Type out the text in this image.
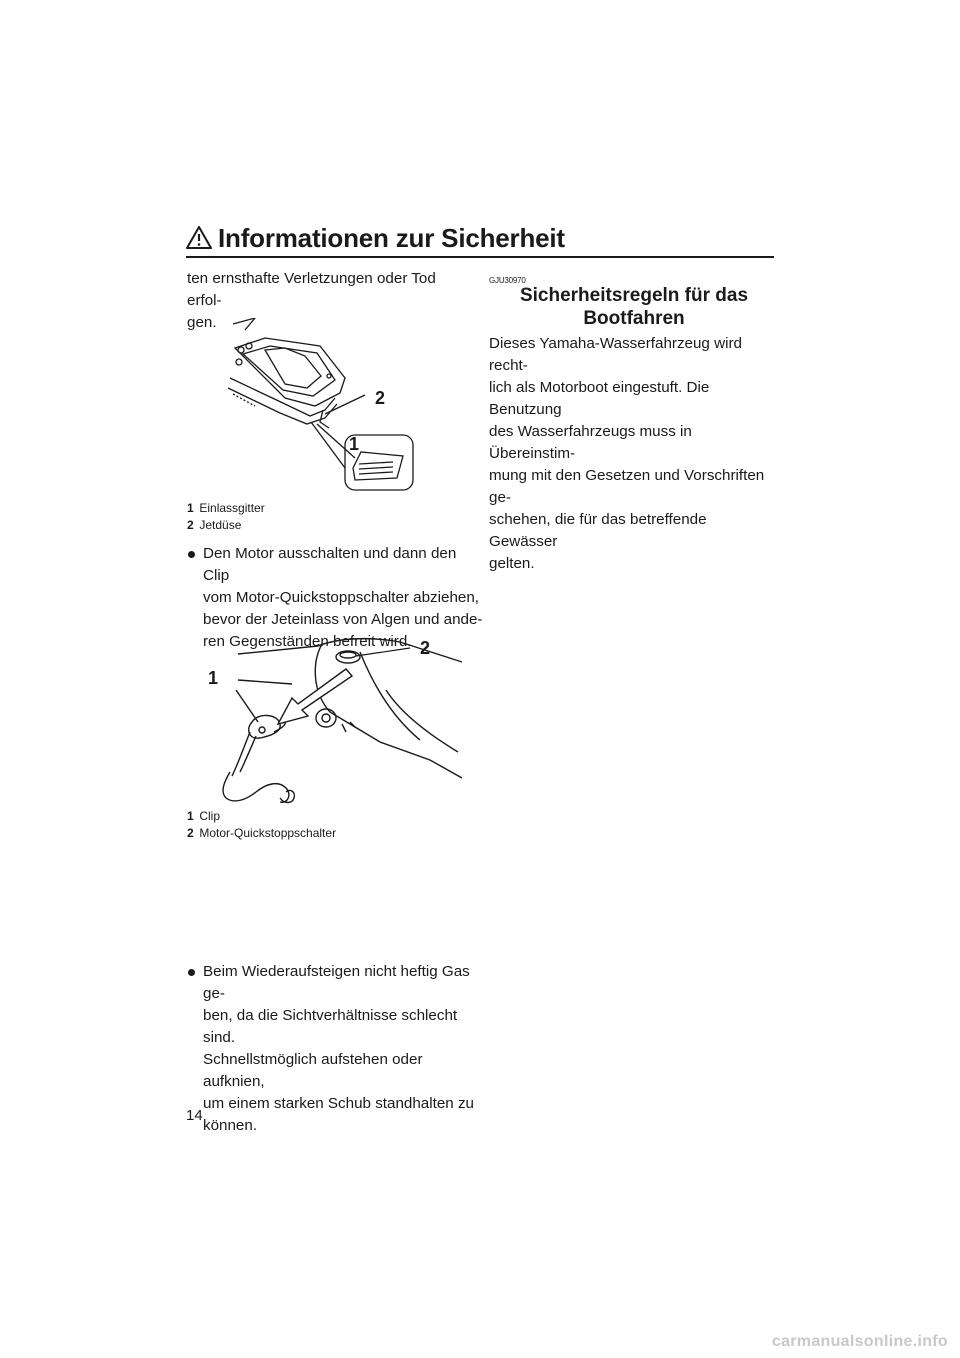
Informationen zur Sicherheit

ten ernsthafte Verletzungen oder Tod erfol-

gen.

2
1
1 Einlassgitter
2 Jetdüse

Den Motor ausschalten und dann den Clip

vom Motor-Quickstoppschalter abziehen,

bevor der Jeteinlass von Algen und ande-

ren Gegenständen befreit wird. 2
1
1 Clip
2 Motor-Quickstoppschalter

Beim Wiederaufsteigen nicht heftig Gas ge-

ben, da die Sichtverhältnisse schlecht sind.

Schnellstmöglich aufstehen oder aufknien,

um einem starken Schub standhalten zu

können.

GJU30970
Sicherheitsregeln für das
Bootfahren

Dieses Yamaha-Wasserfahrzeug wird recht-

lich als Motorboot eingestuft. Die Benutzung

des Wasserfahrzeugs muss in Übereinstim-

mung mit den Gesetzen und Vorschriften ge-

schehen, die für das betreffende Gewässer

gelten.

14
carmanualsonline.info
